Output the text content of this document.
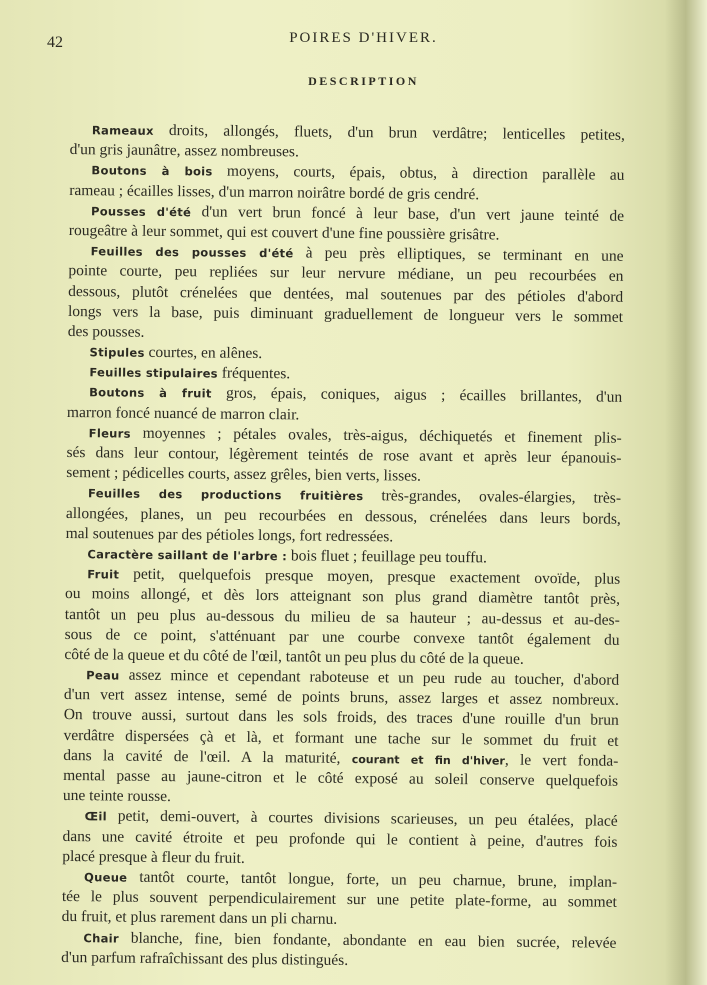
42	POIRES D'HIVER.
DESCRIPTION
Rameaux droits, allongés, fluets, d'un brun verdâtre; lenticelles petites,
d'un gris jaunâtre, assez nombreuses.
Boutons à bois moyens, courts, épais, obtus, à direction parallèle au
rameau ; écailles lisses, d'un marron noirâtre bordé de gris cendré.
Pousses d'été d'un vert brun foncé à leur base, d'un vert jaune teinté de
rougeâtre à leur sommet, qui est couvert d'une fine poussière grisâtre.
Feuilles des pousses d'été à peu près elliptiques, se terminant en une
pointe courte, peu repliées sur leur nervure médiane, un peu recourbées en
dessous, plutôt crénelées que dentées, mal soutenues par des pétioles d'abord
longs vers la base, puis diminuant graduellement de longueur vers le sommet
des pousses.
Stipules courtes, en alênes.
Feuilles stipulaires fréquentes.
Boutons à fruit gros, épais, coniques, aigus ; écailles brillantes, d'un
marron foncé nuancé de marron clair.
Fleurs moyennes ; pétales ovales, très-aigus, déchiquetés et finement plis-
sés dans leur contour, légèrement teintés de rose avant et après leur épanouis-
sement ; pédicelles courts, assez grêles, bien verts, lisses.
Feuilles des productions fruitières très-grandes, ovales-élargies, très-
allongées, planes, un peu recourbées en dessous, crénelées dans leurs bords,
mal soutenues par des pétioles longs, fort redressées.
Caractère saillant de l'arbre : bois fluet ; feuillage peu touffu.
Fruit petit, quelquefois presque moyen, presque exactement ovoïde, plus
ou moins allongé, et dès lors atteignant son plus grand diamètre tantôt près,
tantôt un peu plus au-dessous du milieu de sa hauteur ; au-dessus et au-des-
sous de ce point, s'atténuant par une courbe convexe tantôt également du
côté de la queue et du côté de l'œil, tantôt un peu plus du côté de la queue.
Peau assez mince et cependant raboteuse et un peu rude au toucher, d'abord
d'un vert assez intense, semé de points bruns, assez larges et assez nombreux.
On trouve aussi, surtout dans les sols froids, des traces d'une rouille d'un brun
verdâtre dispersées çà et là, et formant une tache sur le sommet du fruit et
dans la cavité de l'œil. A la maturité, courant et fin d'hiver, le vert fonda-
mental passe au jaune-citron et le côté exposé au soleil conserve quelquefois
une teinte rousse.
Œil petit, demi-ouvert, à courtes divisions scarieuses, un peu étalées, placé
dans une cavité étroite et peu profonde qui le contient à peine, d'autres fois
placé presque à fleur du fruit.
Queue tantôt courte, tantôt longue, forte, un peu charnue, brune, implan-
tée le plus souvent perpendiculairement sur une petite plate-forme, au sommet
du fruit, et plus rarement dans un pli charnu.
Chair blanche, fine, bien fondante, abondante en eau bien sucrée, relevée
d'un parfum rafraîchissant des plus distingués.
